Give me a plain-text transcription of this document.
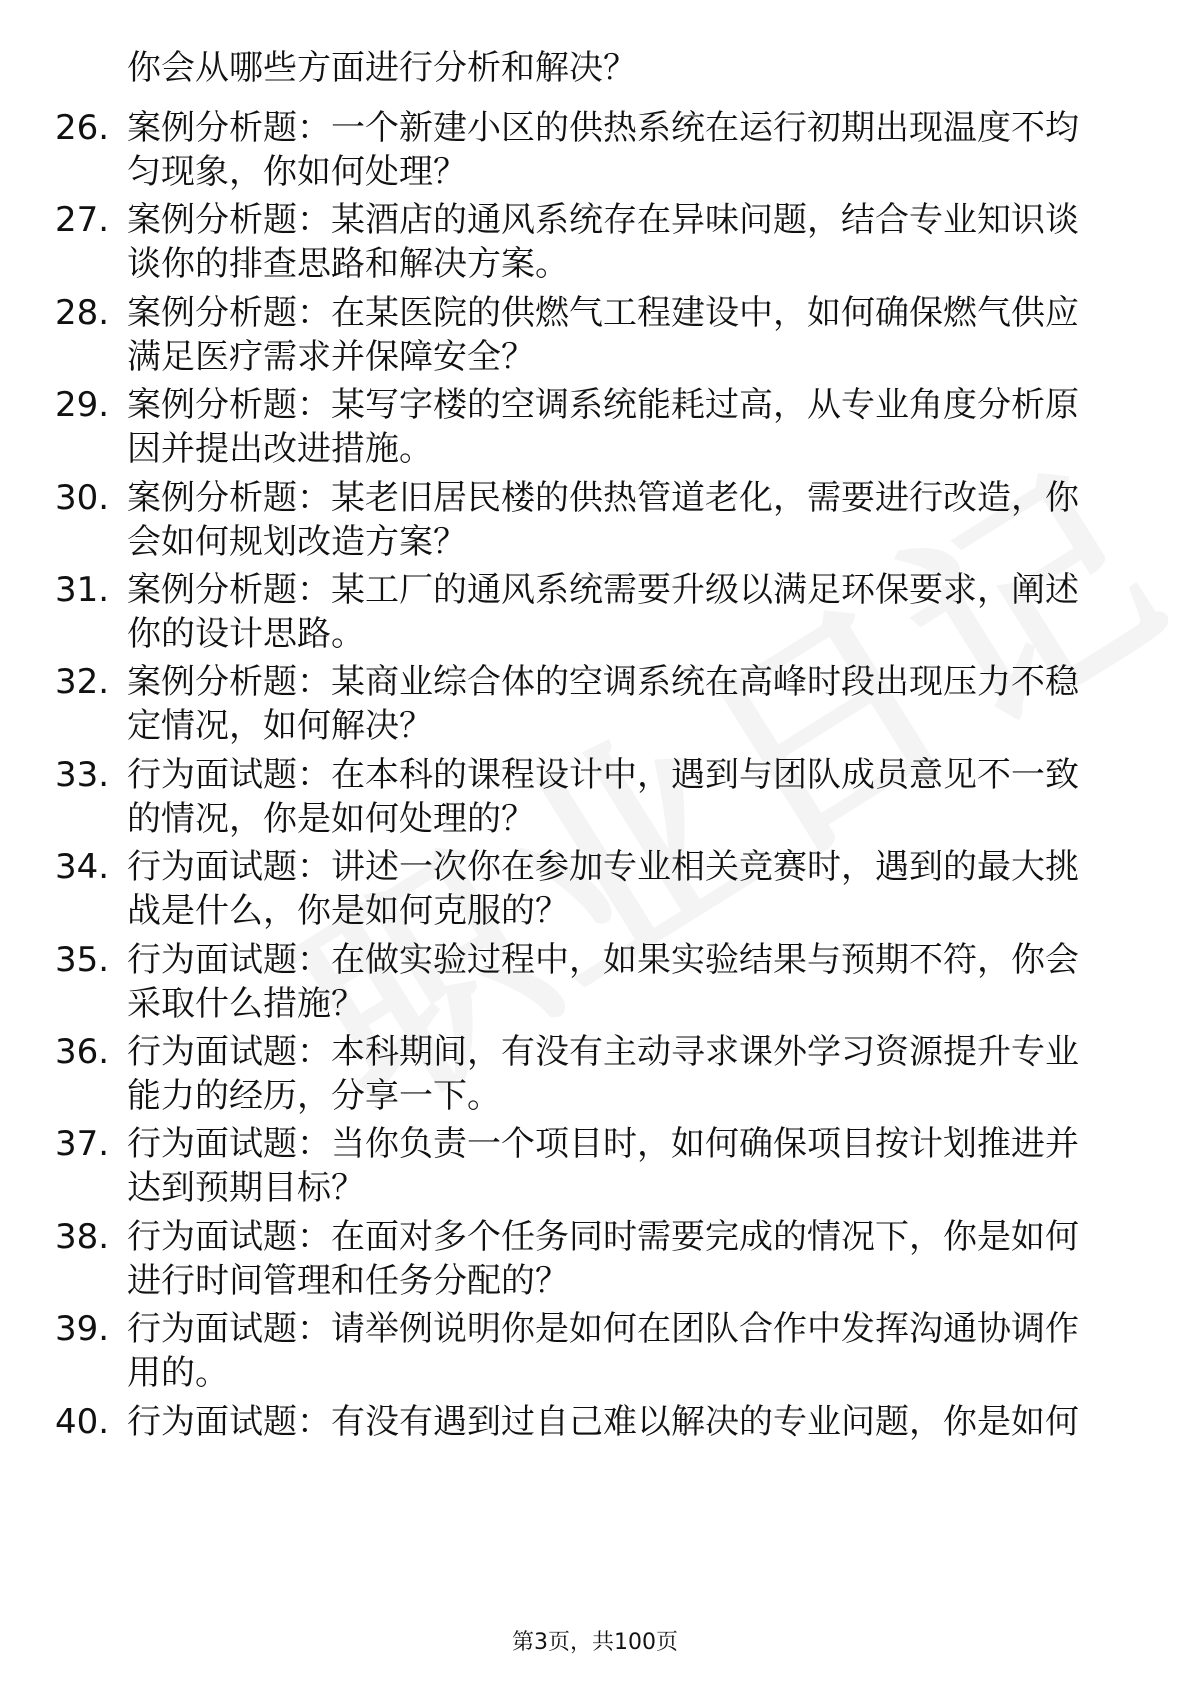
你会从哪些方面进行分析和解决？
26. 案例分析题：一个新建小区的供热系统在运行初期出现温度不均
匀现象，你如何处理？
27. 案例分析题：某酒店的通风系统存在异味问题，结合专业知识谈
谈你的排查思路和解决方案。
28. 案例分析题：在某医院的供燃气工程建设中，如何确保燃气供应
满足医疗需求并保障安全？
29. 案例分析题：某写字楼的空调系统能耗过高，从专业角度分析原
因并提出改进措施。
30. 案例分析题：某老旧居民楼的供热管道老化，需要进行改造，你
会如何规划改造方案？
31. 案例分析题：某工厂的通风系统需要升级以满足环保要求，阐述
你的设计思路。
32. 案例分析题：某商业综合体的空调系统在高峰时段出现压力不稳
定情况，如何解决？
33. 行为面试题：在本科的课程设计中，遇到与团队成员意见不一致
的情况，你是如何处理的？
34. 行为面试题：讲述一次你在参加专业相关竞赛时，遇到的最大挑
战是什么，你是如何克服的？
35. 行为面试题：在做实验过程中，如果实验结果与预期不符，你会
采取什么措施？
36. 行为面试题：本科期间，有没有主动寻求课外学习资源提升专业
能力的经历，分享一下。
37. 行为面试题：当你负责一个项目时，如何确保项目按计划推进并
达到预期目标？
38. 行为面试题：在面对多个任务同时需要完成的情况下，你是如何
进行时间管理和任务分配的？
39. 行为面试题：请举例说明你是如何在团队合作中发挥沟通协调作
用的。
40. 行为面试题：有没有遇到过自己难以解决的专业问题，你是如何
第3页，共100页
